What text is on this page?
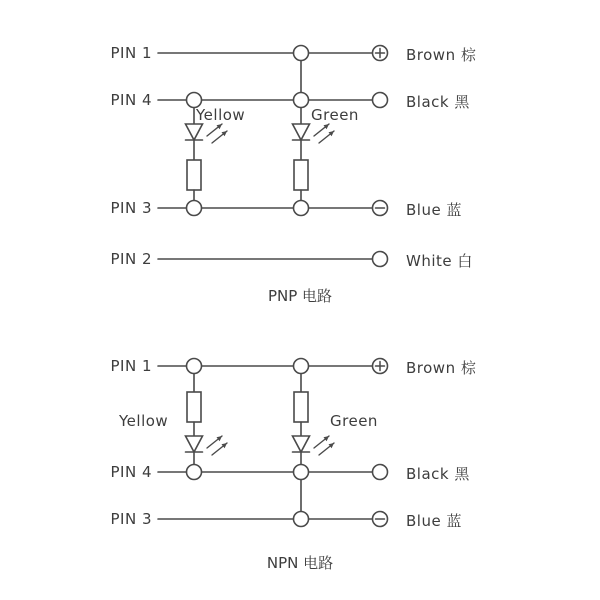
PIN 1	Brown 棕
PIN 4	Black 黑
PIN 3	Blue 蓝
PIN 2	White 白
Yellow	Green
PNP 电路
PIN 1	Brown 棕
PIN 4	Black 黑
PIN 3	Blue 蓝
Yellow	Green
NPN 电路
